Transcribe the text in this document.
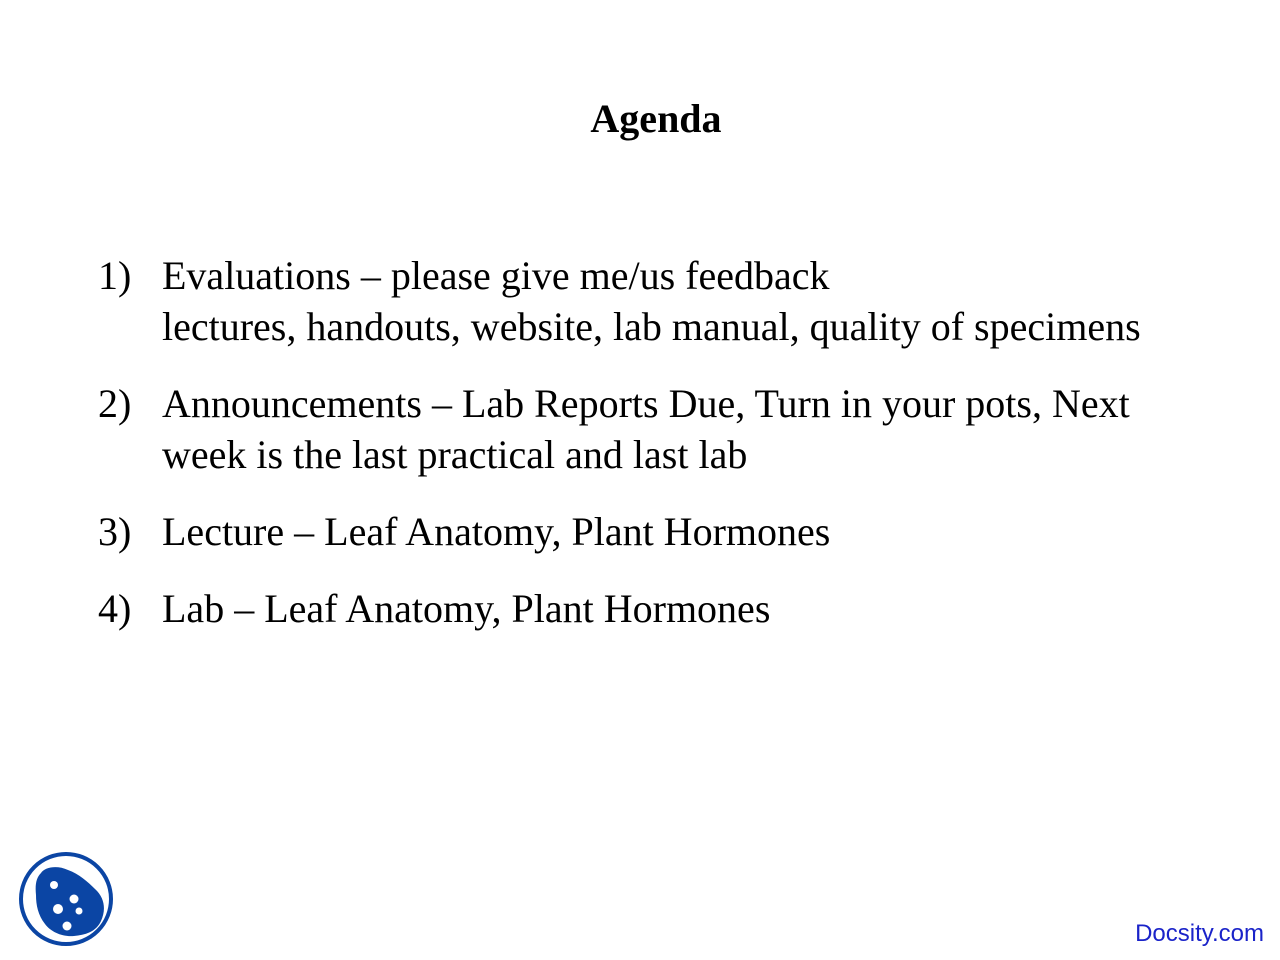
Agenda
1) Evaluations – please give me/us feedback
lectures, handouts, website, lab manual, quality of specimens
2) Announcements – Lab Reports Due, Turn in your pots, Next
week is the last practical and last lab
3) Lecture – Leaf Anatomy, Plant Hormones
4) Lab – Leaf Anatomy, Plant Hormones
Docsity.com
